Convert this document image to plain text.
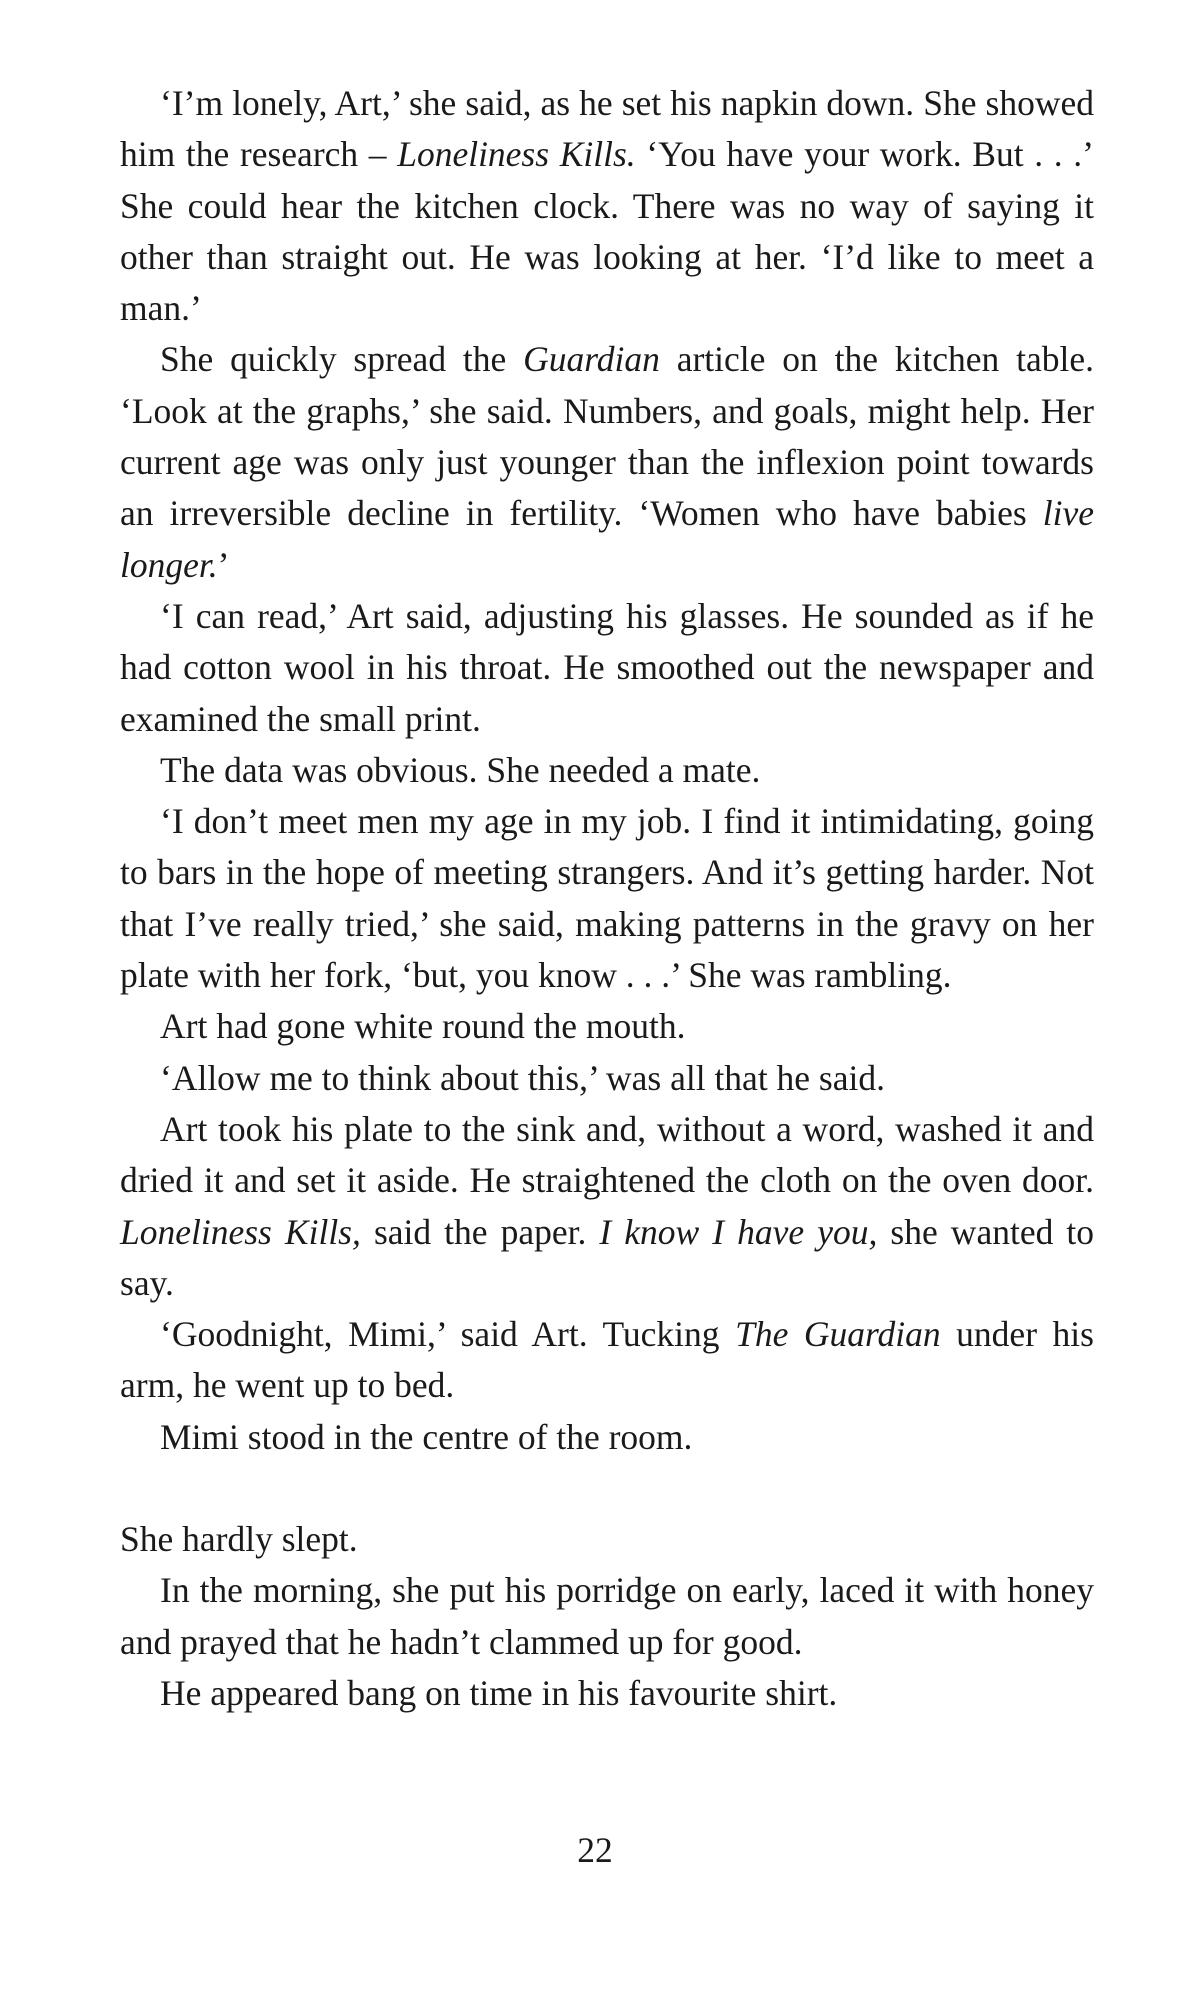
‘I’m lonely, Art,’ she said, as he set his napkin down. She showed him the research – Loneliness Kills. ‘You have your work. But . . .’ She could hear the kitchen clock. There was no way of saying it other than straight out. He was looking at her. ‘I’d like to meet a man.’

She quickly spread the Guardian article on the kitchen table. ‘Look at the graphs,’ she said. Numbers, and goals, might help. Her current age was only just younger than the inflexion point towards an irreversible decline in fertility. ‘Women who have babies live longer.’

‘I can read,’ Art said, adjusting his glasses. He sounded as if he had cotton wool in his throat. He smoothed out the newspaper and examined the small print.

The data was obvious. She needed a mate.

‘I don’t meet men my age in my job. I find it intimidating, going to bars in the hope of meeting strangers. And it’s getting harder. Not that I’ve really tried,’ she said, making patterns in the gravy on her plate with her fork, ‘but, you know . . .’ She was rambling.

Art had gone white round the mouth.

‘Allow me to think about this,’ was all that he said.

Art took his plate to the sink and, without a word, washed it and dried it and set it aside. He straightened the cloth on the oven door. Loneliness Kills, said the paper. I know I have you, she wanted to say.

‘Goodnight, Mimi,’ said Art. Tucking The Guardian under his arm, he went up to bed.

Mimi stood in the centre of the room.

She hardly slept.

In the morning, she put his porridge on early, laced it with honey and prayed that he hadn’t clammed up for good.

He appeared bang on time in his favourite shirt.

22
